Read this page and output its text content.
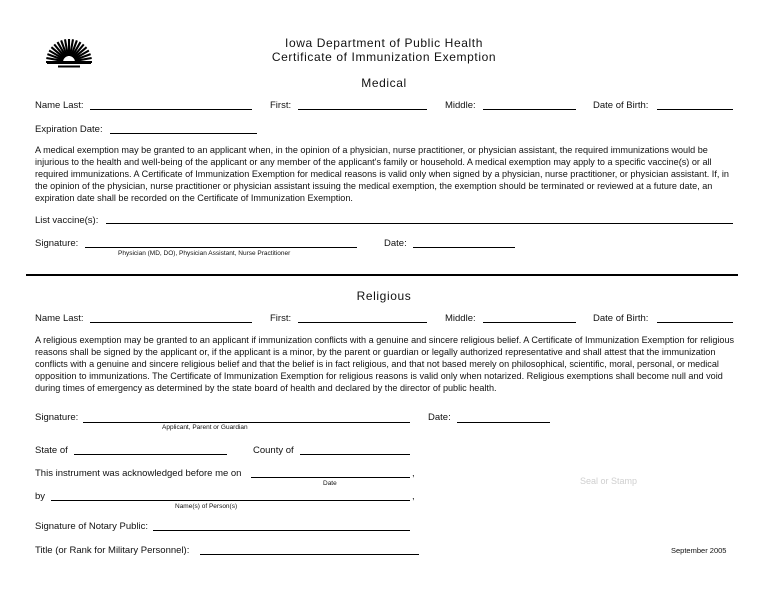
Iowa Department of Public Health
Certificate of Immunization Exemption
Medical
Name Last:	First:	Middle:	Date of Birth:
Expiration Date:
A medical exemption may be granted to an applicant when, in the opinion of a physician, nurse practitioner, or physician assistant, the required immunizations would be injurious to the health and well-being of the applicant or any member of the applicant's family or household. A medical exemption may apply to a specific vaccine(s) or all required immunizations. A Certificate of Immunization Exemption for medical reasons is valid only when signed by a physician, nurse practitioner, or physician assistant. If, in the opinion of the physician, nurse practitioner or physician assistant issuing the medical exemption, the exemption should be terminated or reviewed at a future date, an expiration date shall be recorded on the Certificate of Immunization Exemption.
List vaccine(s):
Signature:
Physician (MD, DO), Physician Assistant, Nurse Practitioner
Date:
Religious
Name Last:	First:	Middle:	Date of Birth:
A religious exemption may be granted to an applicant if immunization conflicts with a genuine and sincere religious belief. A Certificate of Immunization Exemption for religious reasons shall be signed by the applicant or, if the applicant is a minor, by the parent or guardian or legally authorized representative and shall attest that the immunization conflicts with a genuine and sincere religious belief and that the belief is in fact religious, and that not based merely on philosophical, scientific, moral, personal, or medical opposition to immunizations. The Certificate of Immunization Exemption for religious reasons is valid only when notarized. Religious exemptions shall become null and void during times of emergency as determined by the state board of health and declared by the director of public health.
Signature:
Applicant, Parent or Guardian
Date:
State of	County of
This instrument was acknowledged before me on	,
Date
by	,
Name(s) of Person(s)
Seal or Stamp
Signature of Notary Public:
Title (or Rank for Military Personnel):	September 2005
